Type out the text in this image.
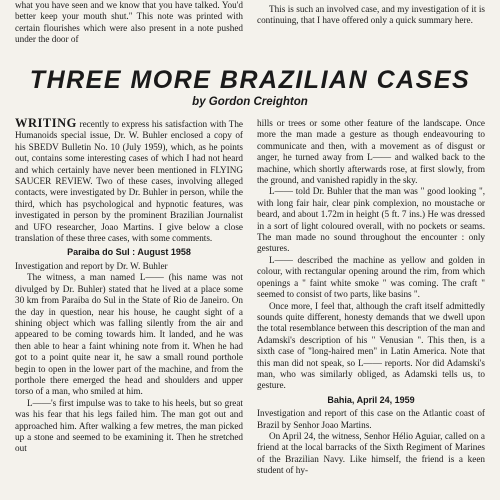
what you have seen and we know that you have talked. You'd better keep your mouth shut." This note was printed with certain flourishes which were also present in a note pushed under the door of

This is such an involved case, and my investigation of it is continuing, that I have offered only a quick summary here.

THREE MORE BRAZILIAN CASES
by Gordon Creighton

WRITING recently to express his satisfaction with The Humanoids special issue, Dr. W. Buhler enclosed a copy of his SBEDV Bulletin No. 10 (July 1959), which, as he points out, contains some interesting cases of which I had not heard and which certainly have never been mentioned in FLYING SAUCER REVIEW. Two of these cases, involving alleged contacts, were investigated by Dr. Buhler in person, while the third, which has psychological and hypnotic features, was investigated in person by the prominent Brazilian Journalist and UFO researcher, Joao Martins. I give below a close translation of these three cases, with some comments.

Paraiba do Sul : August 1958

Investigation and report by Dr. W. Buhler

The witness, a man named L—— (his name was not divulged by Dr. Buhler) stated that he lived at a place some 30 km from Paraiba do Sul in the State of Rio de Janeiro. On the day in question, near his house, he caught sight of a shining object which was falling silently from the air and appeared to be coming towards him. It landed, and he was then able to hear a faint whining note from it. When he had got to a point quite near it, he saw a small round porthole begin to open in the lower part of the machine, and from the porthole there emerged the head and shoulders and upper torso of a man, who smiled at him.

L——'s first impulse was to take to his heels, but so great was his fear that his legs failed him. The man got out and approached him. After walking a few metres, the man picked up a stone and seemed to be examining it. Then he stretched out

hills or trees or some other feature of the landscape. Once more the man made a gesture as though endeavouring to communicate and then, with a movement as of disgust or anger, he turned away from L—— and walked back to the machine, which shortly afterwards rose, at first slowly, from the ground, and vanished rapidly in the sky.

L—— told Dr. Buhler that the man was " good looking ", with long fair hair, clear pink complexion, no moustache or beard, and about 1.72m in height (5 ft. 7 ins.) He was dressed in a sort of light coloured overall, with no pockets or seams. The man made no sound throughout the encounter : only gestures.

L—— described the machine as yellow and golden in colour, with rectangular opening around the rim, from which openings a " faint white smoke " was coming. The craft " seemed to consist of two parts, like basins ".

Once more, I feel that, although the craft itself admittedly sounds quite different, honesty demands that we dwell upon the total resemblance between this description of the man and Adamski's description of his " Venusian ". This then, is a sixth case of "long-haired men" in Latin America. Note that this man did not speak, so L—— reports. Nor did Adamski's man, who was similarly obliged, as Adamski tells us, to gesture.

Bahia, April 24, 1959

Investigation and report of this case on the Atlantic coast of Brazil by Senhor Joao Martins.

On April 24, the witness, Senhor Hélio Aguiar, called on a friend at the local barracks of the Sixth Regiment of Marines of the Brazilian Navy. Like himself, the friend is a keen student of hy-
